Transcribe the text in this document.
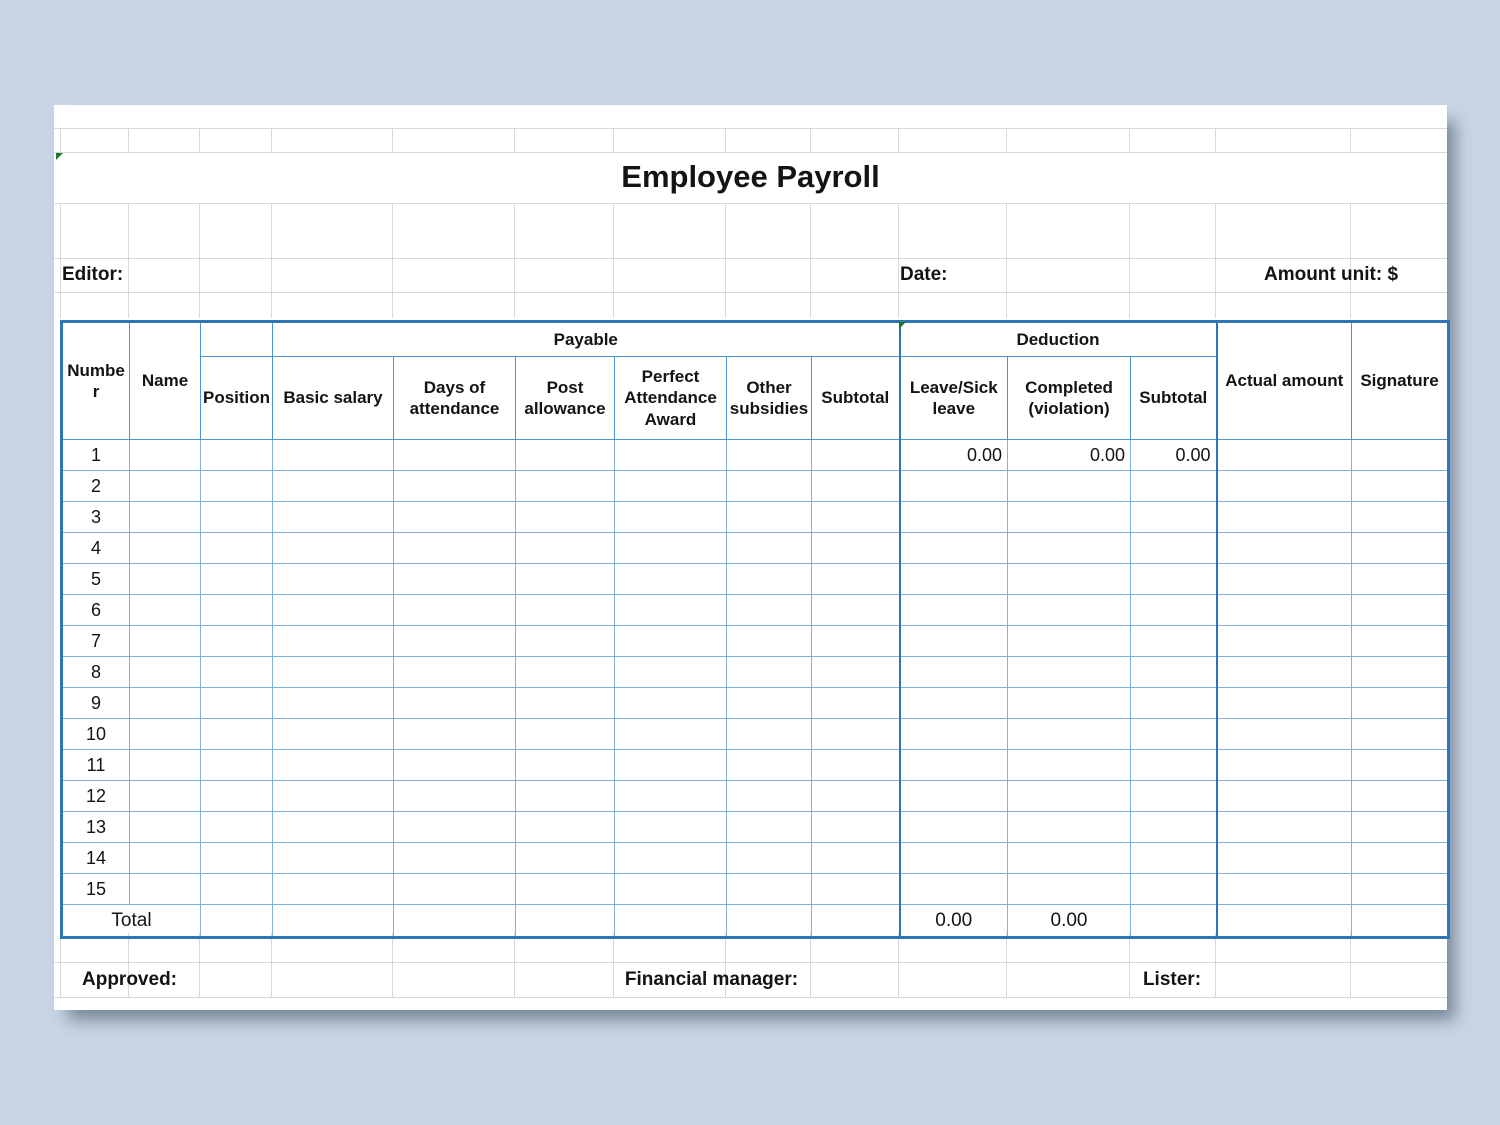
Employee Payroll
Editor:	Date:	Amount unit: $
Number	Name		Payable						Deduction			Actual amount	Signature
		Position	Basic salary	Days of attendance	Post allowance	Perfect Attendance Award	Other subsidies	Subtotal	Leave/Sick leave	Completed (violation)	Subtotal		
1									0.00	0.00	0.00		
2													
3													
4													
5													
6													
7													
8													
9													
10													
11													
12													
13													
14													
15													
Total									0.00	0.00			
Approved:	Financial manager:	Lister:
